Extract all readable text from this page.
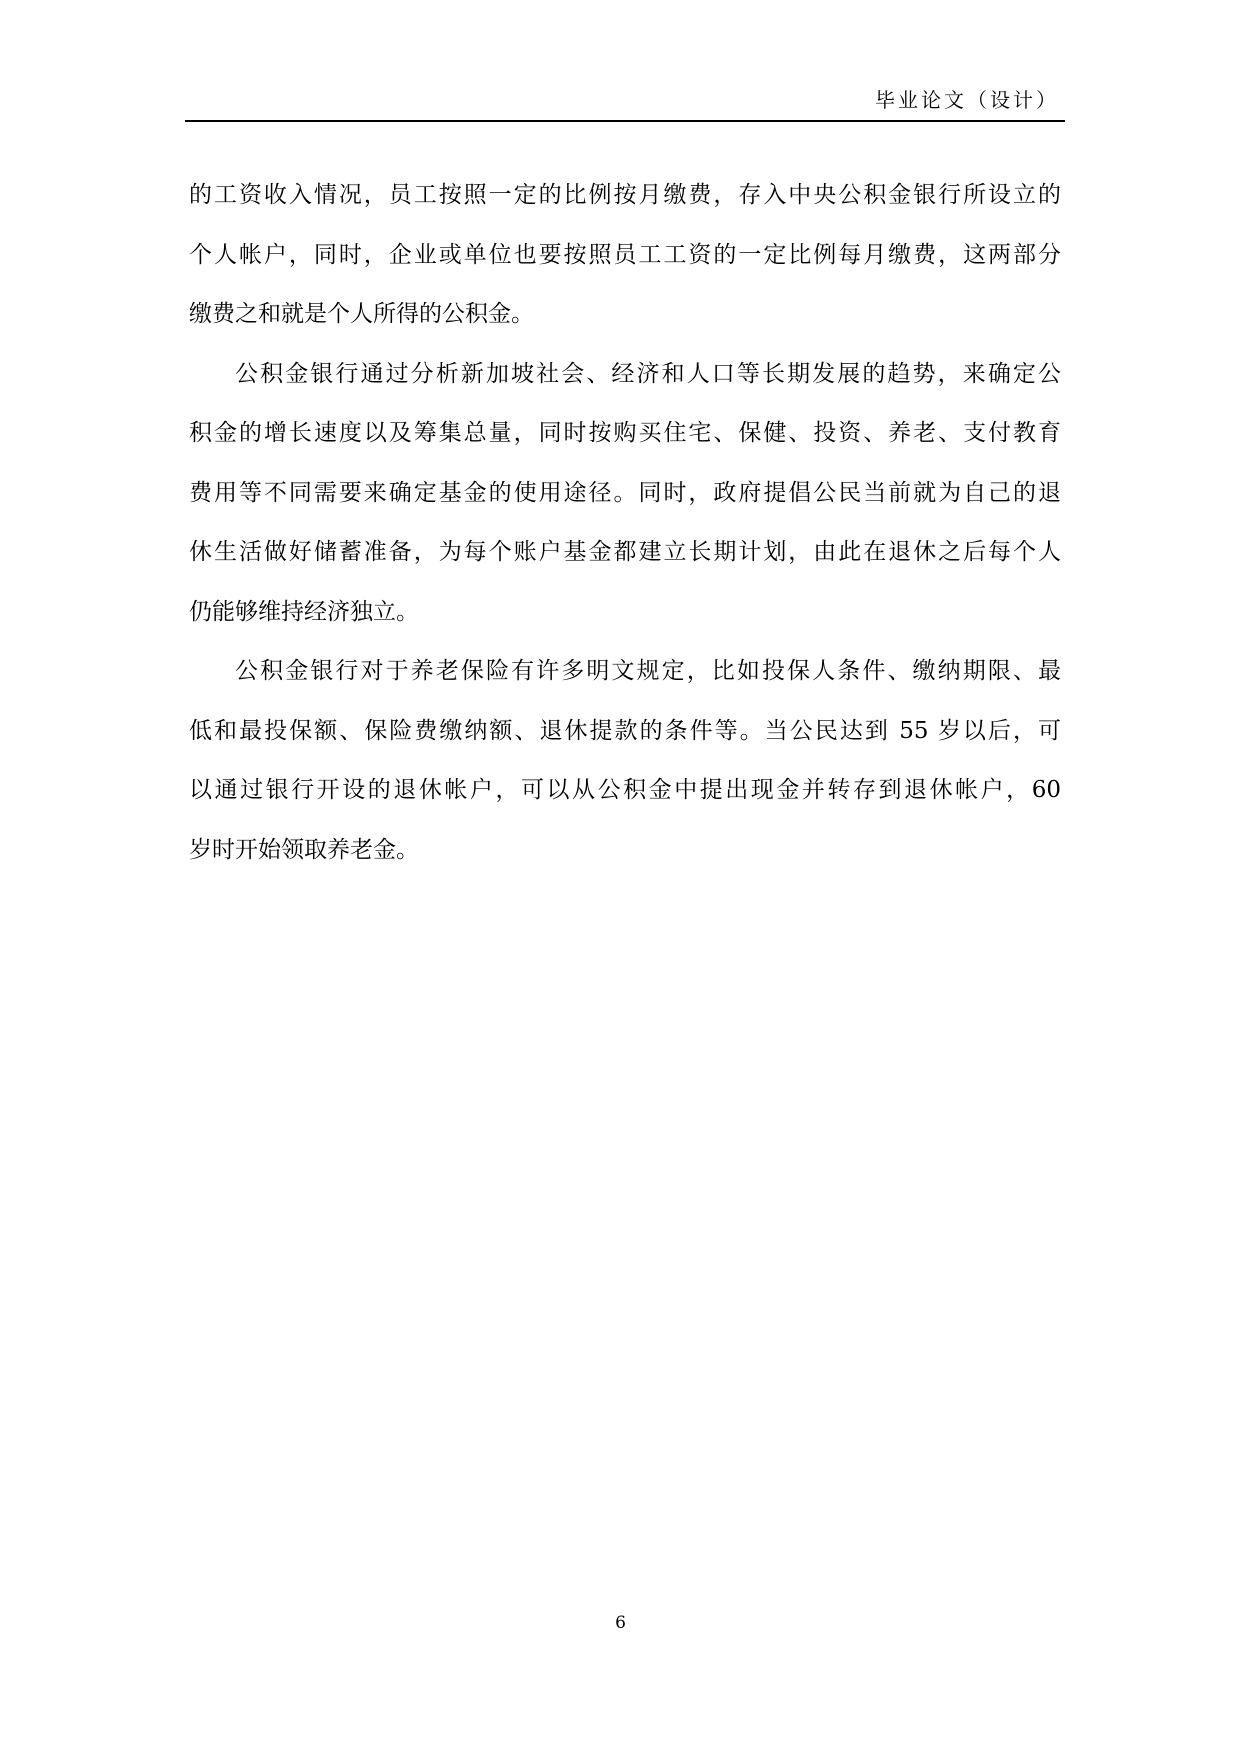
毕业论文（设计）

的工资收入情况，员工按照一定的比例按月缴费，存入中央公积金银行所设立的
个人帐户，同时，企业或单位也要按照员工工资的一定比例每月缴费，这两部分
缴费之和就是个人所得的公积金。

公积金银行通过分析新加坡社会、经济和人口等长期发展的趋势，来确定公
积金的增长速度以及筹集总量，同时按购买住宅、保健、投资、养老、支付教育
费用等不同需要来确定基金的使用途径。同时，政府提倡公民当前就为自己的退
休生活做好储蓄准备，为每个账户基金都建立长期计划，由此在退休之后每个人
仍能够维持经济独立。

公积金银行对于养老保险有许多明文规定，比如投保人条件、缴纳期限、最
低和最投保额、保险费缴纳额、退休提款的条件等。当公民达到 55 岁以后，可
以通过银行开设的退休帐户，可以从公积金中提出现金并转存到退休帐户，60
岁时开始领取养老金。

6
